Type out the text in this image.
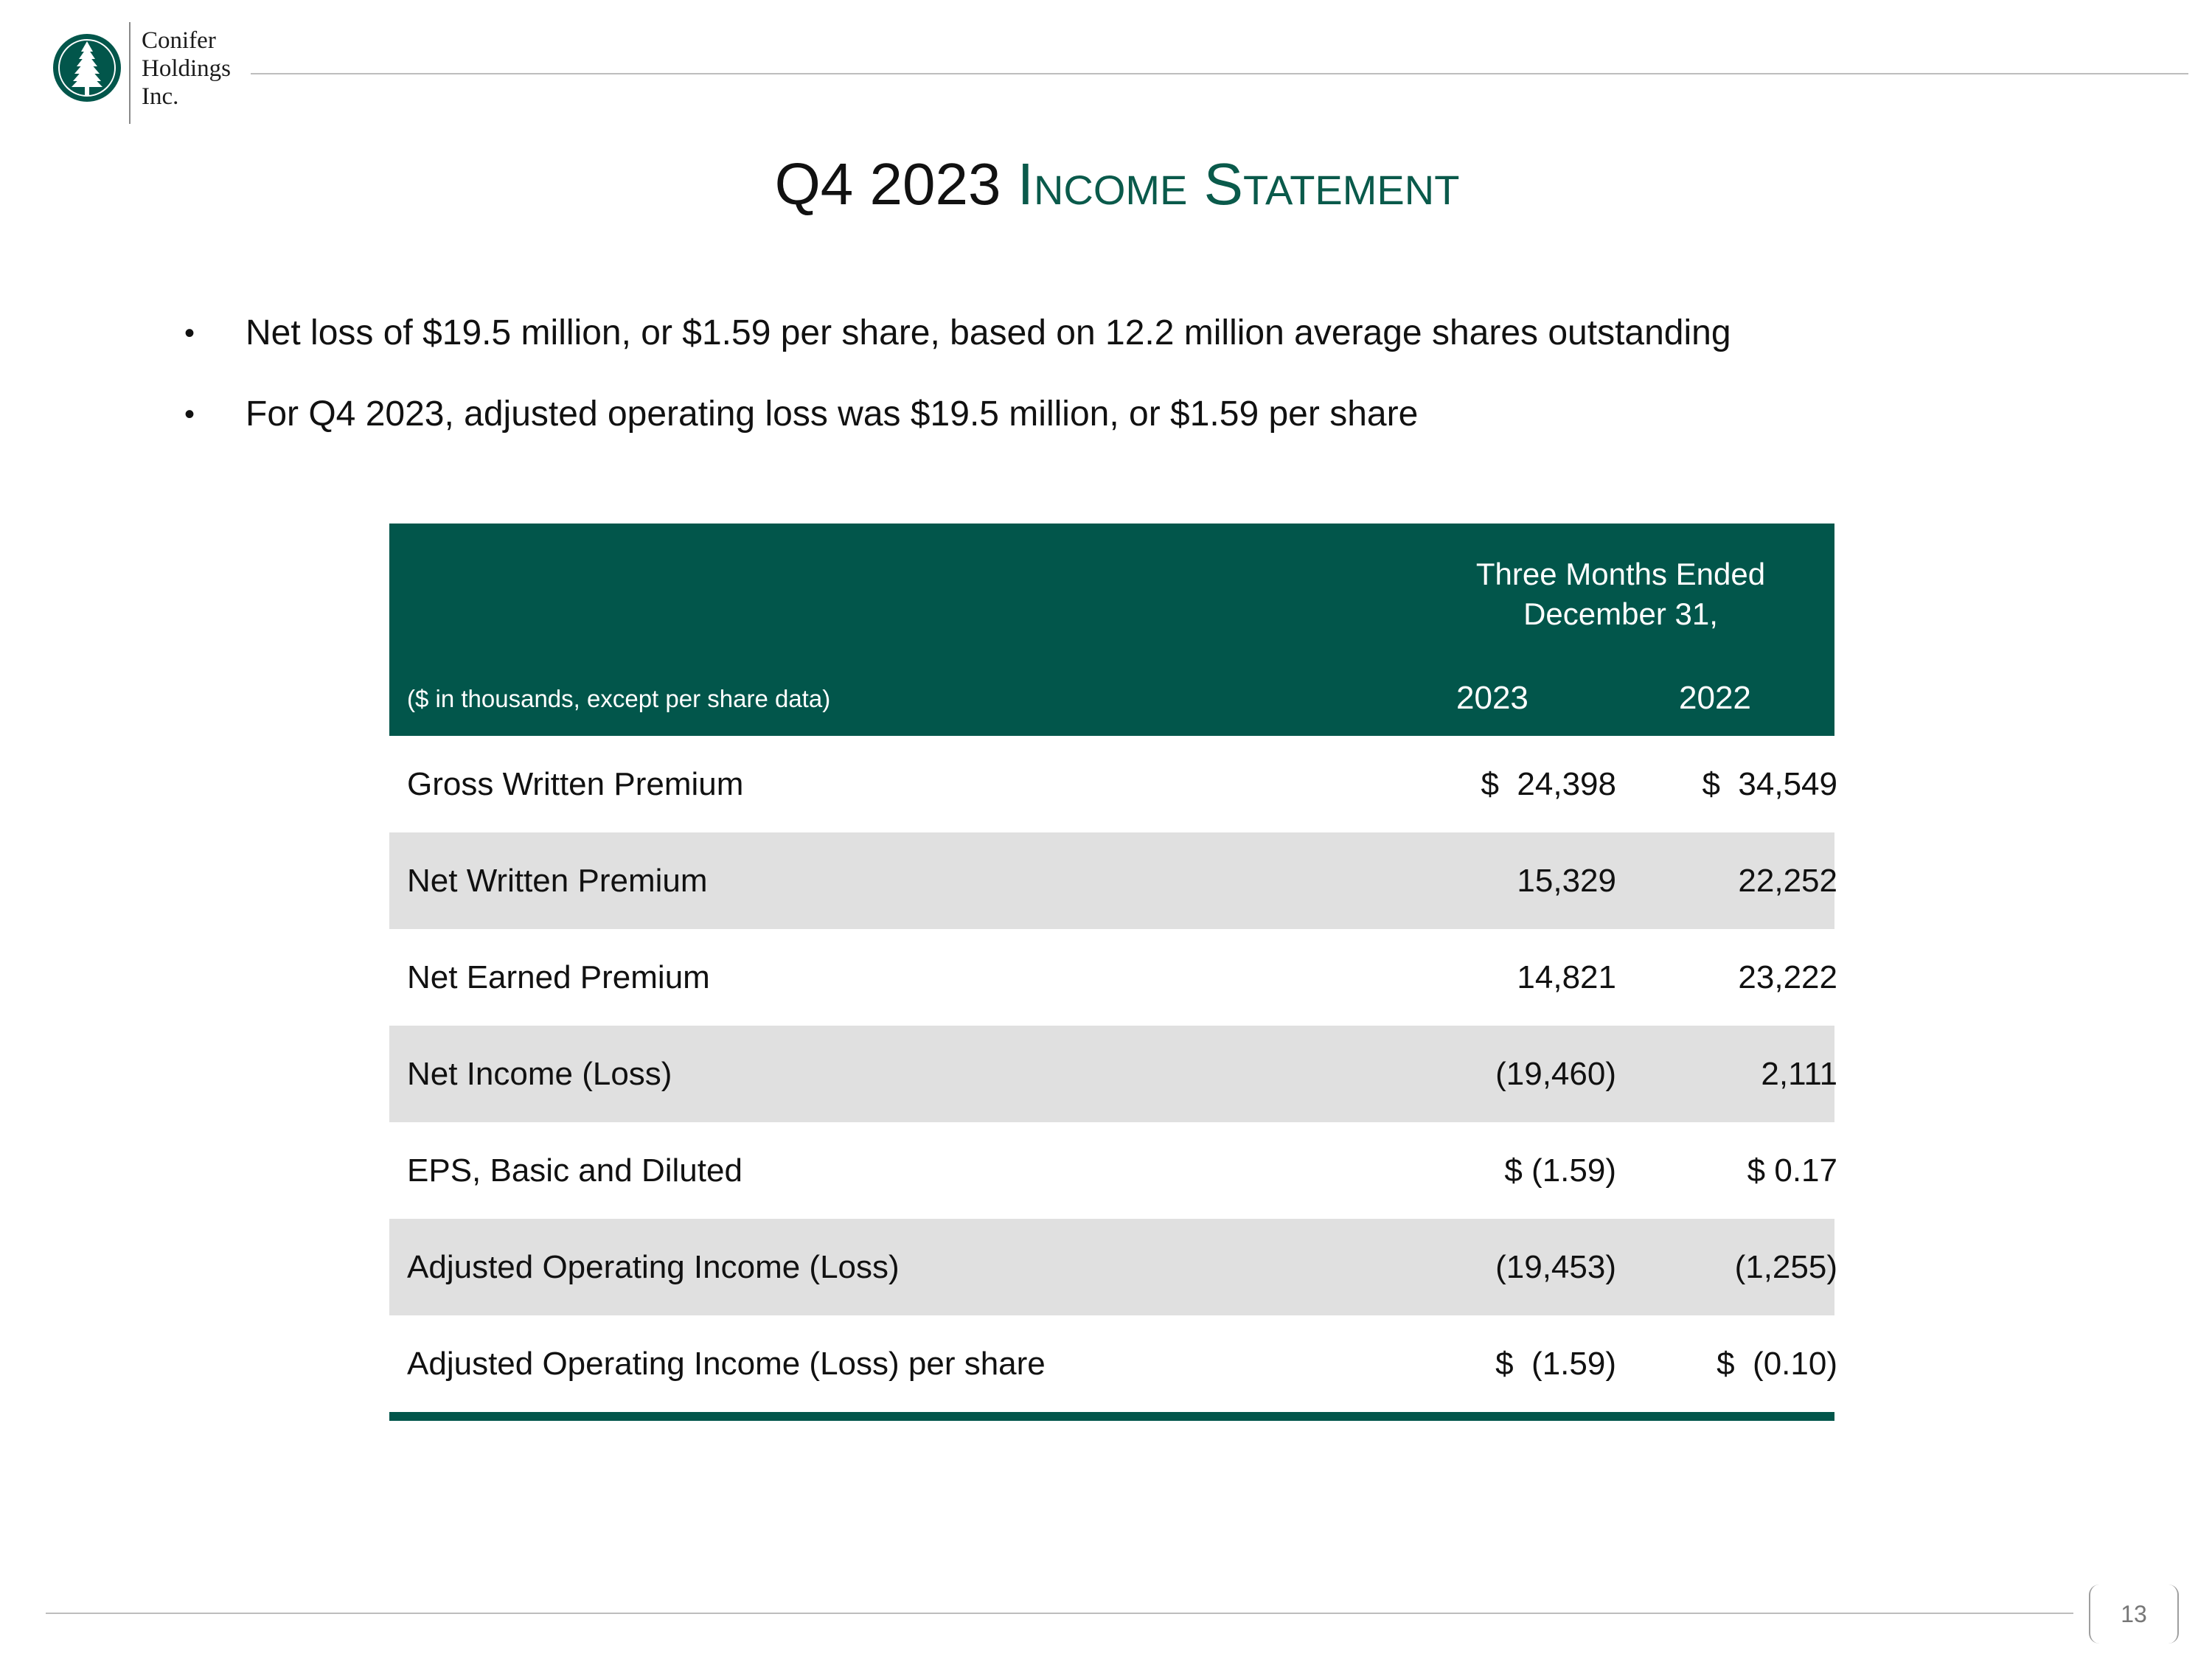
Conifer
Holdings
Inc.
Q4 2023 Income Statement
•	Net loss of $19.5 million, or $1.59 per share, based on 12.2 million average shares outstanding
•	For Q4 2023, adjusted operating loss was $19.5 million, or $1.59 per share
Three Months Ended
December 31,
($ in thousands, except per share data)	2023	2022
Gross Written Premium	$  24,398	$  34,549
Net Written Premium	15,329	22,252
Net Earned Premium	14,821	23,222
Net Income (Loss)	(19,460)	2,111
EPS, Basic and Diluted	$ (1.59)	$ 0.17
Adjusted Operating Income (Loss)	(19,453)	(1,255)
Adjusted Operating Income (Loss) per share	$  (1.59)	$  (0.10)
13
